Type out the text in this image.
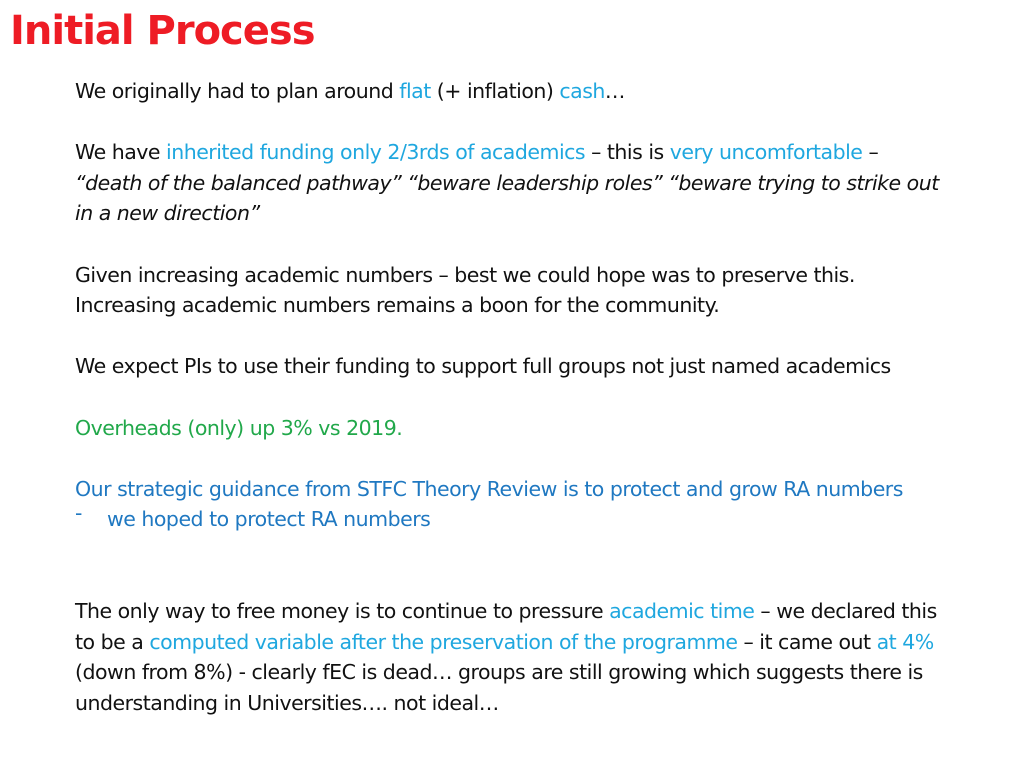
Initial Process

We originally had to plan around flat (+ inflation) cash…

We have inherited funding only 2/3rds of academics – this is very uncomfortable –
“death of the balanced pathway” “beware leadership roles” “beware trying to strike out in a new direction”

Given increasing academic numbers – best we could hope was to preserve this.
Increasing academic numbers remains a boon for the community.

We expect PIs to use their funding to support full groups not just named academics

Overheads (only) up 3% vs 2019.

Our strategic guidance from STFC Theory Review is to protect and grow RA numbers

- we hoped to protect RA numbers

The only way to free money is to continue to pressure academic time – we declared this to be a computed variable after the preservation of the programme – it came out at 4% (down from 8%) - clearly fEC is dead… groups are still growing which suggests there is understanding in Universities…. not ideal…
